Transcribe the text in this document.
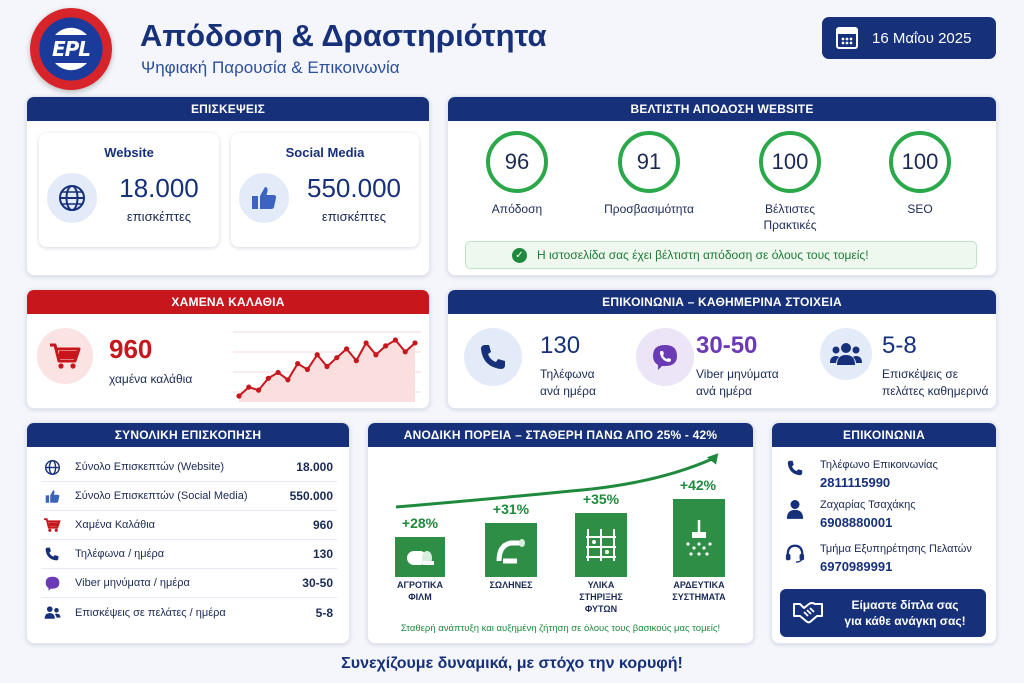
EPL Απόδοση & Δραστηριότητα
Ψηφιακή Παρουσία & Επικοινωνία
16 Μαΐου 2025
ΕΠΙΣΚΕΨΕΙΣ
Website
18.000
επισκέπτες
Social Media
550.000
επισκέπτες
ΒΕΛΤΙΣΤΗ ΑΠΟΔΟΣΗ WEBSITE
96
Απόδοση
91
Προσβασιμότητα
100
Βέλτιστες Πρακτικές
100
SEO
✓ Η ιστοσελίδα σας έχει βέλτιστη απόδοση σε όλους τους τομείς!
ΧΑΜΕΝΑ ΚΑΛΑΘΙΑ
960
χαμένα καλάθια
ΕΠΙΚΟΙΝΩΝΙΑ – ΚΑΘΗΜΕΡΙΝΑ ΣΤΟΙΧΕΙΑ
130
Τηλέφωνα
ανά ημέρα
30-50
Viber μηνύματα
ανά ημέρα
5-8
Επισκέψεις σε
πελάτες καθημερινά
ΣΥΝΟΛΙΚΗ ΕΠΙΣΚΟΠΗΣΗ
Σύνολο Επισκεπτών (Website)	18.000
Σύνολο Επισκεπτών (Social Media)	550.000
Χαμένα Καλάθια	960
Τηλέφωνα / ημέρα	130
Viber μηνύματα / ημέρα	30-50
Επισκέψεις σε πελάτες / ημέρα	5-8
ΑΝΟΔΙΚΗ ΠΟΡΕΙΑ – ΣΤΑΘΕΡΗ ΠΑΝΩ ΑΠΟ 25% - 42%
+28%
ΑΓΡΟΤΙΚΑ
ΦΙΛΜ
+31%
ΣΩΛΗΝΕΣ
+35%
ΥΛΙΚΑ
ΣΤΗΡΙΞΗΣ
ΦΥΤΩΝ
+42%
ΑΡΔΕΥΤΙΚΑ
ΣΥΣΤΗΜΑΤΑ
Σταθερή ανάπτυξη και αυξημένη ζήτηση σε όλους τους βασικούς μας τομείς!
ΕΠΙΚΟΙΝΩΝΙΑ
Τηλέφωνο Επικοινωνίας
2811115990
Ζαχαρίας Τσαχάκης
6908880001
Τμήμα Εξυπηρέτησης Πελατών
6970989991
Είμαστε δίπλα σας
για κάθε ανάγκη σας!
Συνεχίζουμε δυναμικά, με στόχο την κορυφή!
